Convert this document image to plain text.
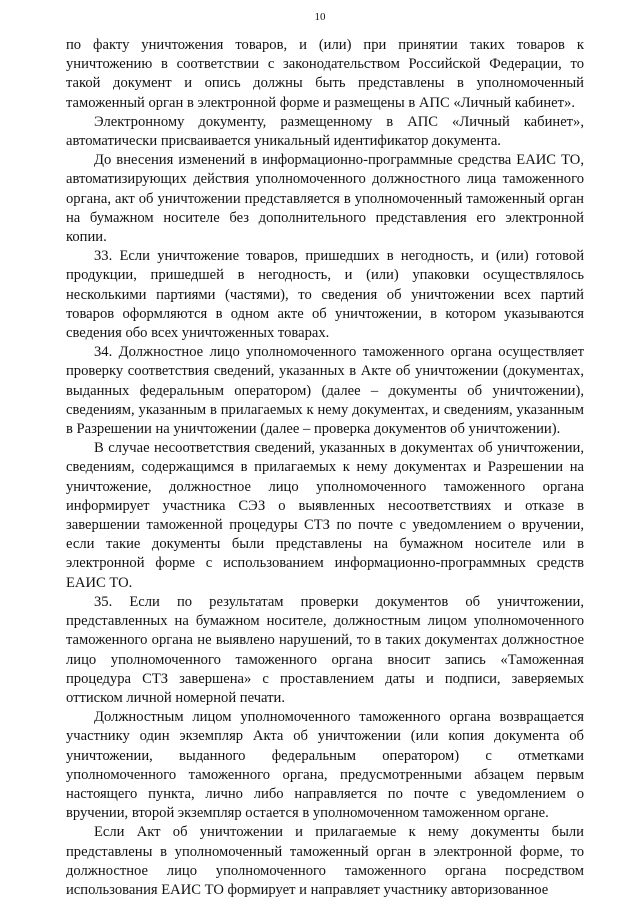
10

по факту уничтожения товаров, и (или) при принятии таких товаров к уничтожению в соответствии с законодательством Российской Федерации, то такой документ и опись должны быть представлены в уполномоченный таможенный орган в электронной форме и размещены в АПС «Личный кабинет».

Электронному документу, размещенному в АПС «Личный кабинет», автоматически присваивается уникальный идентификатор документа.

До внесения изменений в информационно-программные средства ЕАИС ТО, автоматизирующих действия уполномоченного должностного лица таможенного органа, акт об уничтожении представляется в уполномоченный таможенный орган на бумажном носителе без дополнительного представления его электронной копии.

33. Если уничтожение товаров, пришедших в негодность, и (или) готовой продукции, пришедшей в негодность, и (или) упаковки осуществлялось несколькими партиями (частями), то сведения об уничтожении всех партий товаров оформляются в одном акте об уничтожении, в котором указываются сведения обо всех уничтоженных товарах.

34. Должностное лицо уполномоченного таможенного органа осуществляет проверку соответствия сведений, указанных в Акте об уничтожении (документах, выданных федеральным оператором) (далее – документы об уничтожении), сведениям, указанным в прилагаемых к нему документах, и сведениям, указанным в Разрешении на уничтожении (далее – проверка документов об уничтожении).

В случае несоответствия сведений, указанных в документах об уничтожении, сведениям, содержащимся в прилагаемых к нему документах и Разрешении на уничтожение, должностное лицо уполномоченного таможенного органа информирует участника СЭЗ о выявленных несоответствиях и отказе в завершении таможенной процедуры СТЗ по почте с уведомлением о вручении, если такие документы были представлены на бумажном носителе или в электронной форме с использованием информационно-программных средств ЕАИС ТО.

35. Если по результатам проверки документов об уничтожении, представленных на бумажном носителе, должностным лицом уполномоченного таможенного органа не выявлено нарушений, то в таких документах должностное лицо уполномоченного таможенного органа вносит запись «Таможенная процедура СТЗ завершена» с проставлением даты и подписи, заверяемых оттиском личной номерной печати.

Должностным лицом уполномоченного таможенного органа возвращается участнику один экземпляр Акта об уничтожении (или копия документа об уничтожении, выданного федеральным оператором) с отметками уполномоченного таможенного органа, предусмотренными абзацем первым настоящего пункта, лично либо направляется по почте с уведомлением о вручении, второй экземпляр остается в уполномоченном таможенном органе.

Если Акт об уничтожении и прилагаемые к нему документы были представлены в уполномоченный таможенный орган в электронной форме, то должностное лицо уполномоченного таможенного органа посредством использования ЕАИС ТО формирует и направляет участнику авторизованное
